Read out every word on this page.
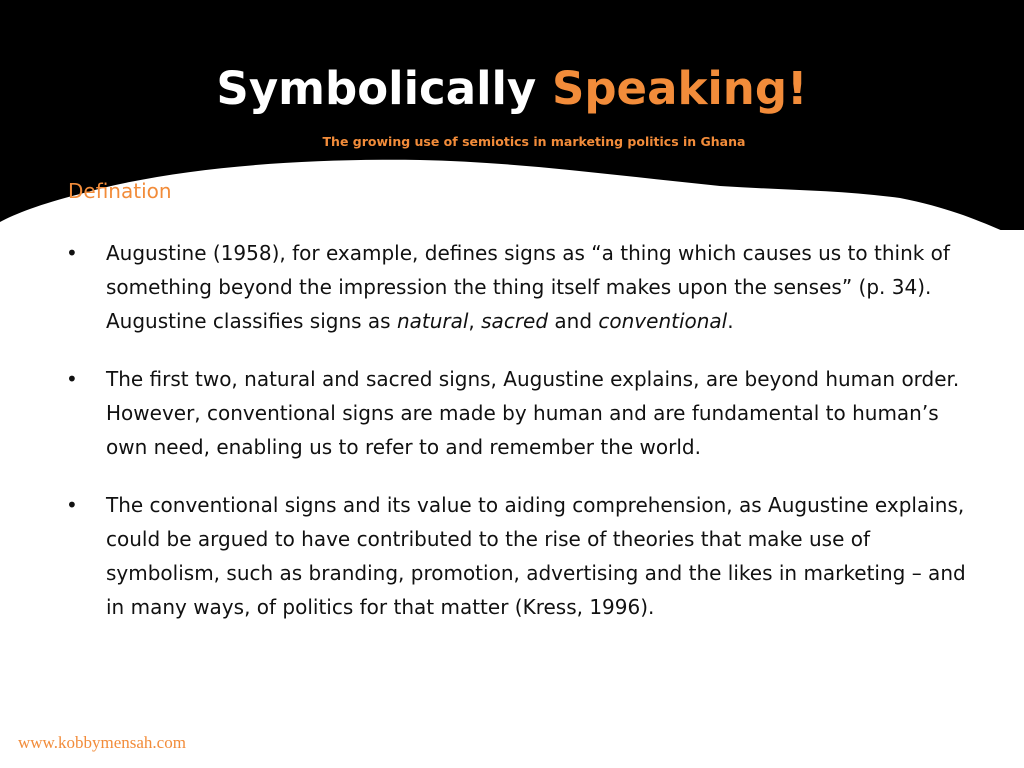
Symbolically Speaking!
The growing use of semiotics in marketing politics in Ghana
Defination
• Augustine (1958), for example, defines signs as “a thing which causes us to think of something beyond the impression the thing itself makes upon the senses” (p. 34). Augustine classifies signs as natural, sacred and conventional.
• The first two, natural and sacred signs, Augustine explains, are beyond human order. However, conventional signs are made by human and are fundamental to human’s own need, enabling us to refer to and remember the world.
• The conventional signs and its value to aiding comprehension, as Augustine explains, could be argued to have contributed to the rise of theories that make use of symbolism, such as branding, promotion, advertising and the likes in marketing – and in many ways, of politics for that matter (Kress, 1996).
www.kobbymensah.com
